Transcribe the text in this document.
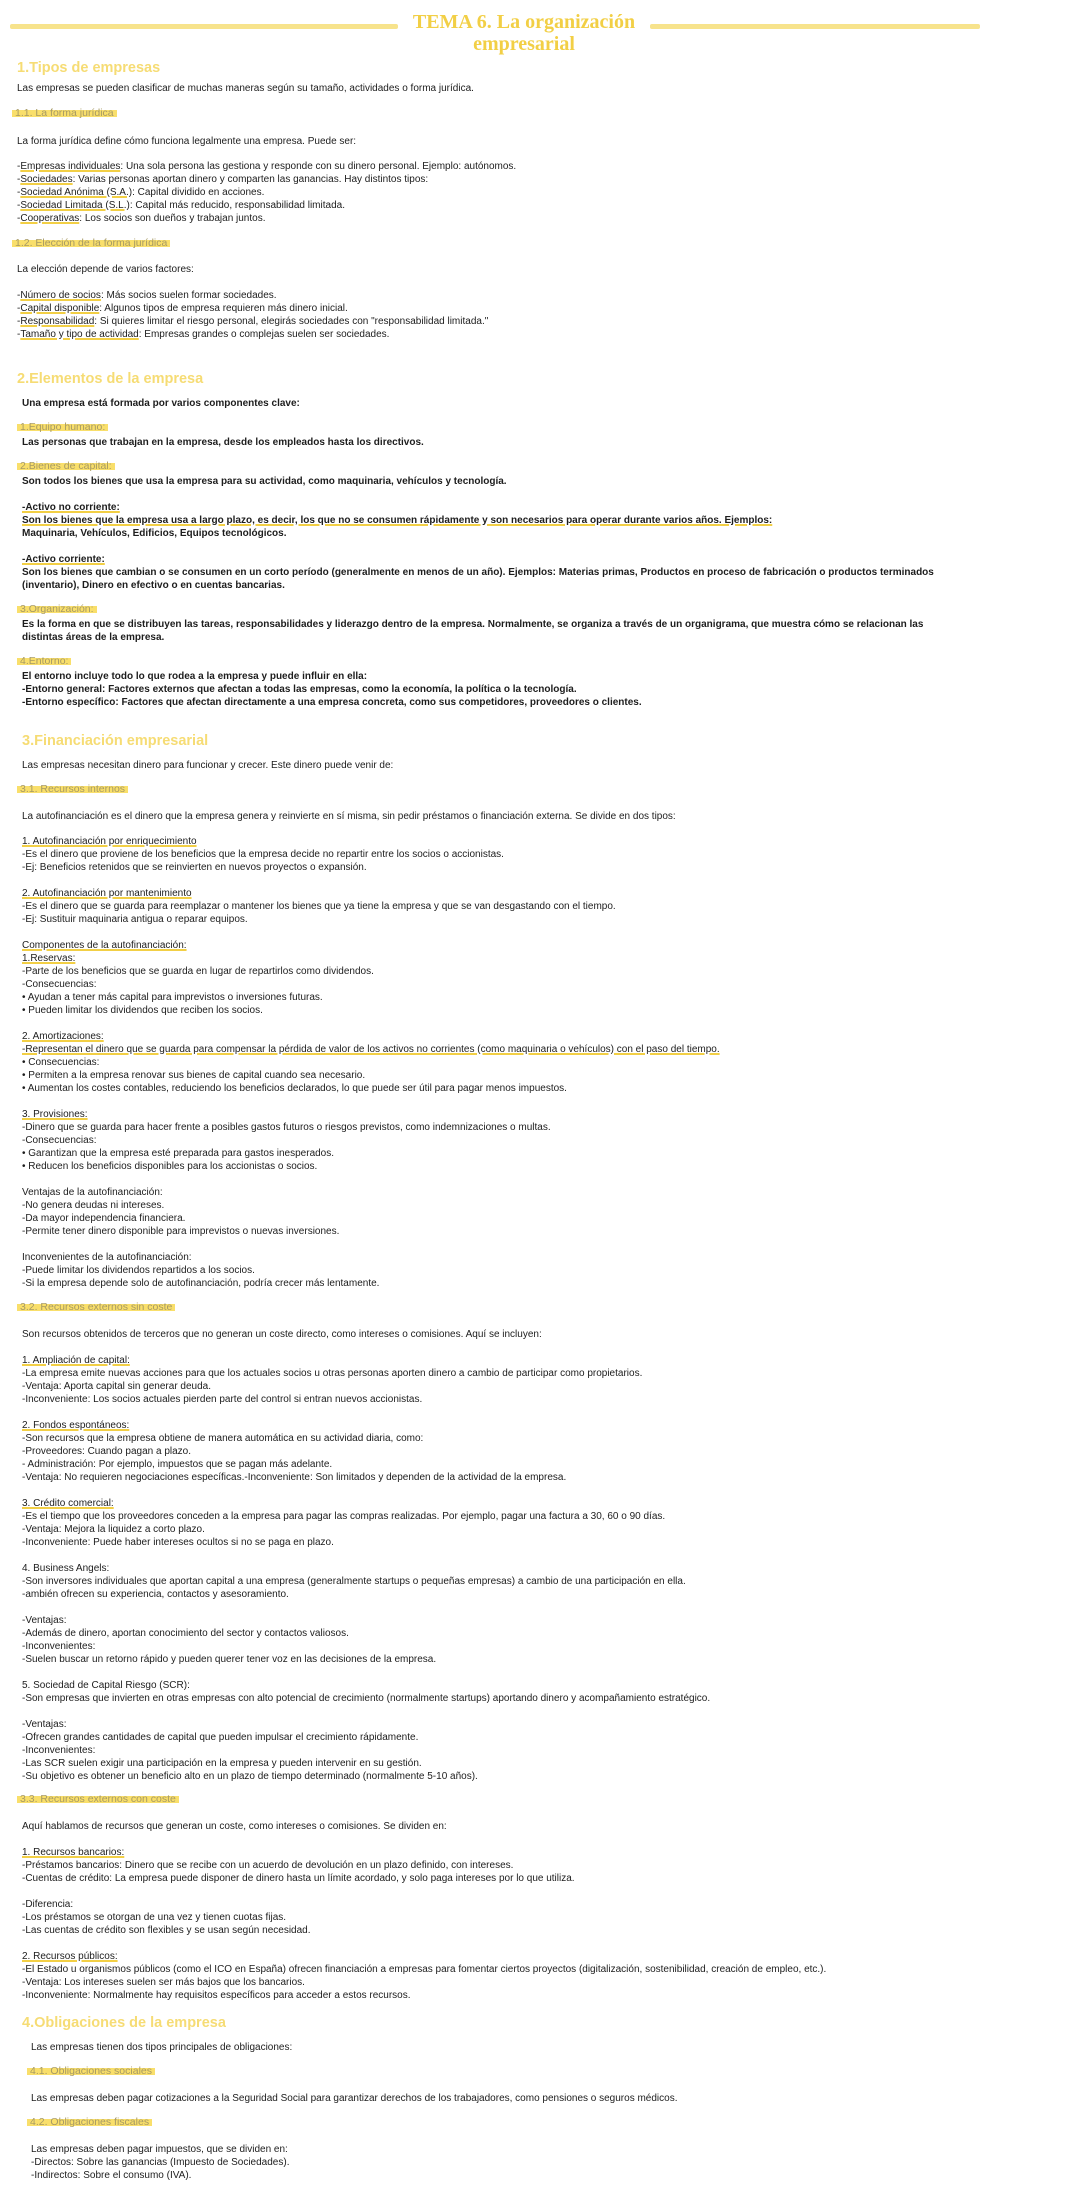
TEMA 6. La organización
empresarial
1.Tipos de empresas
Las empresas se pueden clasificar de muchas maneras según su tamaño, actividades o forma jurídica.
1.1. La forma jurídica
La forma jurídica define cómo funciona legalmente una empresa. Puede ser:
-Empresas individuales: Una sola persona las gestiona y responde con su dinero personal. Ejemplo: autónomos.
-Sociedades: Varias personas aportan dinero y comparten las ganancias. Hay distintos tipos:
-Sociedad Anónima (S.A.): Capital dividido en acciones.
-Sociedad Limitada (S.L.): Capital más reducido, responsabilidad limitada.
-Cooperativas: Los socios son dueños y trabajan juntos.
1.2. Elección de la forma jurídica
La elección depende de varios factores:
-Número de socios: Más socios suelen formar sociedades.
-Capital disponible: Algunos tipos de empresa requieren más dinero inicial.
-Responsabilidad: Si quieres limitar el riesgo personal, elegirás sociedades con "responsabilidad limitada."
-Tamaño y tipo de actividad: Empresas grandes o complejas suelen ser sociedades.
2.Elementos de la empresa
Una empresa está formada por varios componentes clave:
1.Equipo humano:
Las personas que trabajan en la empresa, desde los empleados hasta los directivos.
2.Bienes de capital:
Son todos los bienes que usa la empresa para su actividad, como maquinaria, vehículos y tecnología.
-Activo no corriente:
Son los bienes que la empresa usa a largo plazo, es decir, los que no se consumen rápidamente y son necesarios para operar durante varios años. Ejemplos:
Maquinaria, Vehículos, Edificios, Equipos tecnológicos.
-Activo corriente:
Son los bienes que cambian o se consumen en un corto período (generalmente en menos de un año). Ejemplos: Materias primas, Productos en proceso de fabricación o productos terminados
(inventario), Dinero en efectivo o en cuentas bancarias.
3.Organización:
Es la forma en que se distribuyen las tareas, responsabilidades y liderazgo dentro de la empresa. Normalmente, se organiza a través de un organigrama, que muestra cómo se relacionan las
distintas áreas de la empresa.
4.Entorno:
El entorno incluye todo lo que rodea a la empresa y puede influir en ella:
-Entorno general: Factores externos que afectan a todas las empresas, como la economía, la política o la tecnología.
-Entorno específico: Factores que afectan directamente a una empresa concreta, como sus competidores, proveedores o clientes.
3.Financiación empresarial
Las empresas necesitan dinero para funcionar y crecer. Este dinero puede venir de:
3.1. Recursos internos
La autofinanciación es el dinero que la empresa genera y reinvierte en sí misma, sin pedir préstamos o financiación externa. Se divide en dos tipos:
1. Autofinanciación por enriquecimiento
-Es el dinero que proviene de los beneficios que la empresa decide no repartir entre los socios o accionistas.
-Ej: Beneficios retenidos que se reinvierten en nuevos proyectos o expansión.
2. Autofinanciación por mantenimiento
-Es el dinero que se guarda para reemplazar o mantener los bienes que ya tiene la empresa y que se van desgastando con el tiempo.
-Ej: Sustituir maquinaria antigua o reparar equipos.
Componentes de la autofinanciación:
1.Reservas:
-Parte de los beneficios que se guarda en lugar de repartirlos como dividendos.
-Consecuencias:
• Ayudan a tener más capital para imprevistos o inversiones futuras.
• Pueden limitar los dividendos que reciben los socios.
2. Amortizaciones:
-Representan el dinero que se guarda para compensar la pérdida de valor de los activos no corrientes (como maquinaria o vehículos) con el paso del tiempo.
• Consecuencias:
• Permiten a la empresa renovar sus bienes de capital cuando sea necesario.
• Aumentan los costes contables, reduciendo los beneficios declarados, lo que puede ser útil para pagar menos impuestos.
3. Provisiones:
-Dinero que se guarda para hacer frente a posibles gastos futuros o riesgos previstos, como indemnizaciones o multas.
-Consecuencias:
• Garantizan que la empresa esté preparada para gastos inesperados.
• Reducen los beneficios disponibles para los accionistas o socios.
Ventajas de la autofinanciación:
-No genera deudas ni intereses.
-Da mayor independencia financiera.
-Permite tener dinero disponible para imprevistos o nuevas inversiones.
Inconvenientes de la autofinanciación:
-Puede limitar los dividendos repartidos a los socios.
-Si la empresa depende solo de autofinanciación, podría crecer más lentamente.
3.2. Recursos externos sin coste
Son recursos obtenidos de terceros que no generan un coste directo, como intereses o comisiones. Aquí se incluyen:
1. Ampliación de capital:
-La empresa emite nuevas acciones para que los actuales socios u otras personas aporten dinero a cambio de participar como propietarios.
-Ventaja: Aporta capital sin generar deuda.
-Inconveniente: Los socios actuales pierden parte del control si entran nuevos accionistas.
2. Fondos espontáneos:
-Son recursos que la empresa obtiene de manera automática en su actividad diaria, como:
-Proveedores: Cuando pagan a plazo.
- Administración: Por ejemplo, impuestos que se pagan más adelante.
-Ventaja: No requieren negociaciones específicas.-Inconveniente: Son limitados y dependen de la actividad de la empresa.
3. Crédito comercial:
-Es el tiempo que los proveedores conceden a la empresa para pagar las compras realizadas. Por ejemplo, pagar una factura a 30, 60 o 90 días.
-Ventaja: Mejora la liquidez a corto plazo.
-Inconveniente: Puede haber intereses ocultos si no se paga en plazo.
4. Business Angels:
-Son inversores individuales que aportan capital a una empresa (generalmente startups o pequeñas empresas) a cambio de una participación en ella.
-ambién ofrecen su experiencia, contactos y asesoramiento.
-Ventajas:
-Además de dinero, aportan conocimiento del sector y contactos valiosos.
-Inconvenientes:
-Suelen buscar un retorno rápido y pueden querer tener voz en las decisiones de la empresa.
5. Sociedad de Capital Riesgo (SCR):
-Son empresas que invierten en otras empresas con alto potencial de crecimiento (normalmente startups) aportando dinero y acompañamiento estratégico.
-Ventajas:
-Ofrecen grandes cantidades de capital que pueden impulsar el crecimiento rápidamente.
-Inconvenientes:
-Las SCR suelen exigir una participación en la empresa y pueden intervenir en su gestión.
-Su objetivo es obtener un beneficio alto en un plazo de tiempo determinado (normalmente 5-10 años).
3.3. Recursos externos con coste
Aquí hablamos de recursos que generan un coste, como intereses o comisiones. Se dividen en:
1. Recursos bancarios:
-Préstamos bancarios: Dinero que se recibe con un acuerdo de devolución en un plazo definido, con intereses.
-Cuentas de crédito: La empresa puede disponer de dinero hasta un límite acordado, y solo paga intereses por lo que utiliza.
-Diferencia:
-Los préstamos se otorgan de una vez y tienen cuotas fijas.
-Las cuentas de crédito son flexibles y se usan según necesidad.
2. Recursos públicos:
-El Estado u organismos públicos (como el ICO en España) ofrecen financiación a empresas para fomentar ciertos proyectos (digitalización, sostenibilidad, creación de empleo, etc.).
-Ventaja: Los intereses suelen ser más bajos que los bancarios.
-Inconveniente: Normalmente hay requisitos específicos para acceder a estos recursos.
4.Obligaciones de la empresa
Las empresas tienen dos tipos principales de obligaciones:
4.1. Obligaciones sociales
Las empresas deben pagar cotizaciones a la Seguridad Social para garantizar derechos de los trabajadores, como pensiones o seguros médicos.
4.2. Obligaciones fiscales
Las empresas deben pagar impuestos, que se dividen en:
-Directos: Sobre las ganancias (Impuesto de Sociedades).
-Indirectos: Sobre el consumo (IVA).
